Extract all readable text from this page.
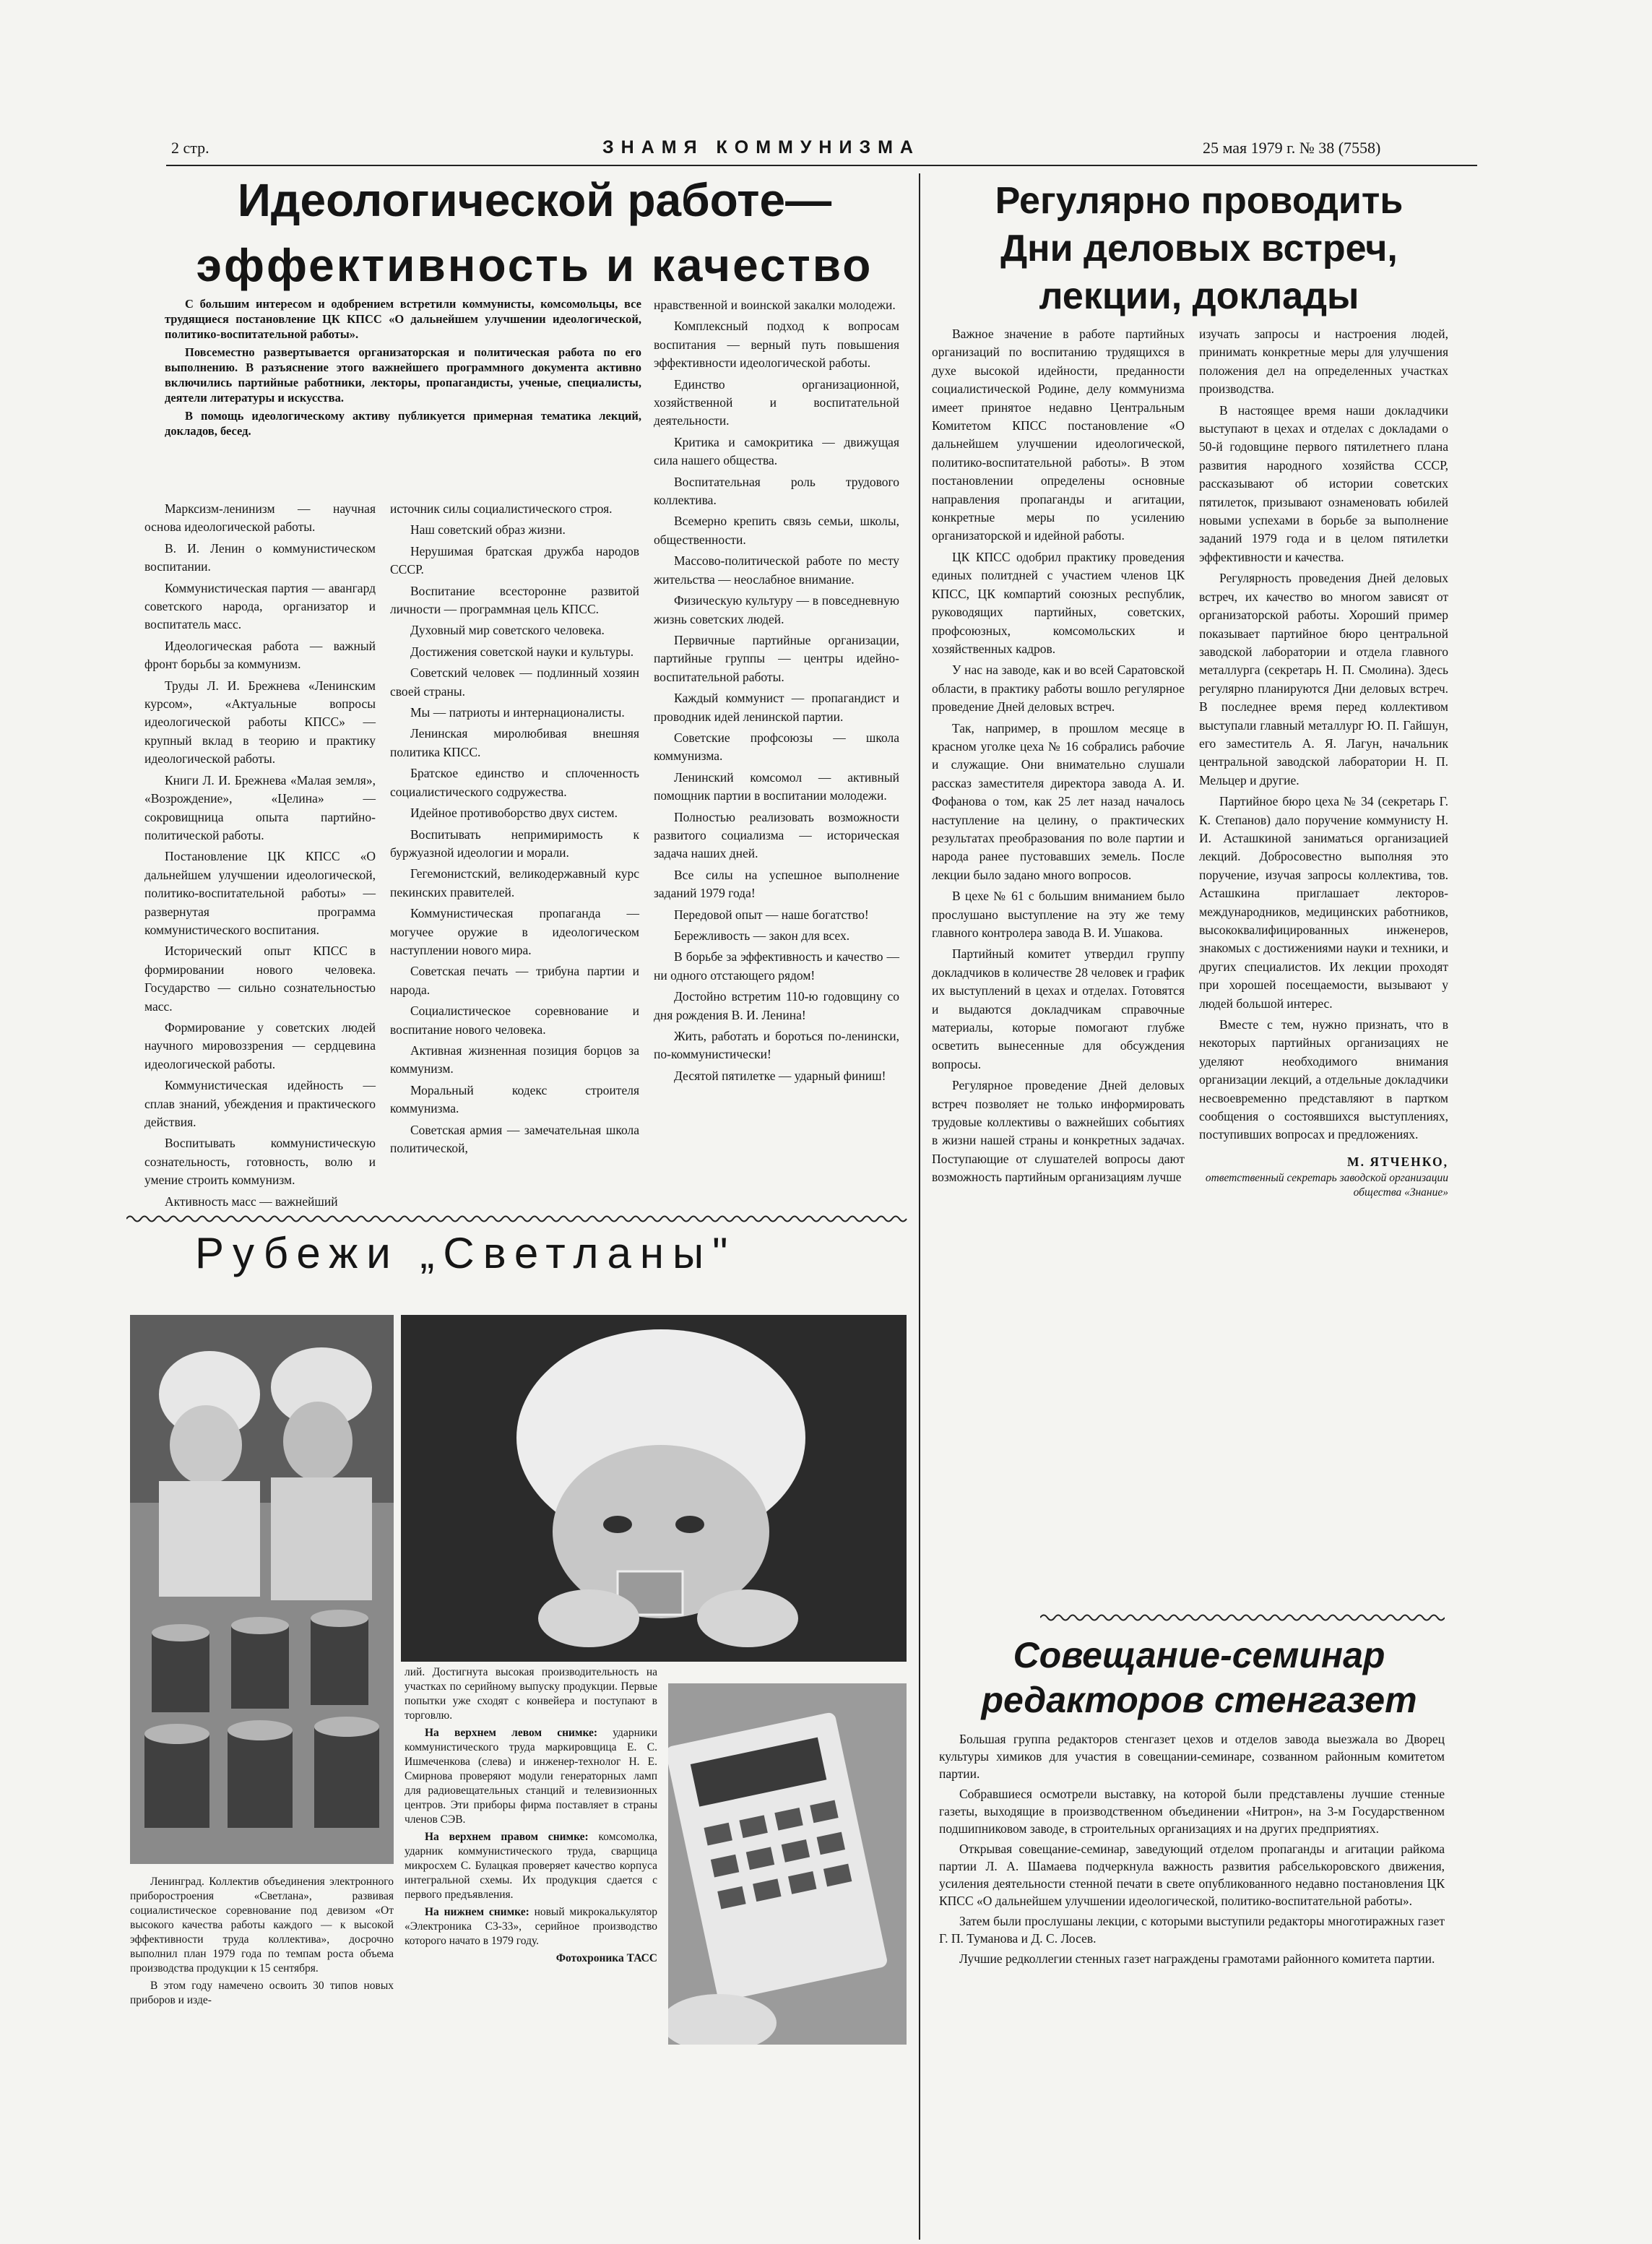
2 стр.	ЗНАМЯ КОММУНИЗМА	25 мая 1979 г. № 38 (7558)
Идеологической работе—
эффективность и качество

С большим интересом и одобрением встретили коммунисты, комсомольцы, все трудящиеся постановление ЦК КПСС «О дальнейшем улучшении идеологической, политико-воспитательной работы».

Повсеместно развертывается организаторская и политическая работа по его выполнению. В разъяснение этого важнейшего программного документа активно включились партийные работники, лекторы, пропагандисты, ученые, специалисты, деятели литературы и искусства.

В помощь идеологическому активу публикуется примерная тематика лекций, докладов, бесед.

Марксизм-ленинизм — научная основа идеологической работы.

В. И. Ленин о коммунистическом воспитании.

Коммунистическая партия — авангард советского народа, организатор и воспитатель масс.

Идеологическая работа — важный фронт борьбы за коммунизм.

Труды Л. И. Брежнева «Ленинским курсом», «Актуальные вопросы идеологической работы КПСС» — крупный вклад в теорию и практику идеологической работы.

Книги Л. И. Брежнева «Малая земля», «Возрождение», «Целина» — сокровищница опыта партийно-политической работы.

Постановление ЦК КПСС «О дальнейшем улучшении идеологической, политико-воспитательной работы» — развернутая программа коммунистического воспитания.

Исторический опыт КПСС в формировании нового человека. Государство — сильно сознательностью масс.

Формирование у советских людей научного мировоззрения — сердцевина идеологической работы.

Коммунистическая идейность — сплав знаний, убеждения и практического действия.

Воспитывать коммунистическую сознательность, готовность, волю и умение строить коммунизм.

Активность масс — важнейший

источник силы социалистического строя.

Наш советский образ жизни.

Нерушимая братская дружба народов СССР.

Воспитание всесторонне развитой личности — программная цель КПСС.

Духовный мир советского человека.

Достижения советской науки и культуры.

Советский человек — подлинный хозяин своей страны.

Мы — патриоты и интернационалисты.

Ленинская миролюбивая внешняя политика КПСС.

Братское единство и сплоченность социалистического содружества.

Идейное противоборство двух систем.

Воспитывать непримиримость к буржуазной идеологии и морали.

Гегемонистский, великодержавный курс пекинских правителей.

Коммунистическая пропаганда — могучее оружие в идеологическом наступлении нового мира.

Советская печать — трибуна партии и народа.

Социалистическое соревнование и воспитание нового человека.

Активная жизненная позиция борцов за коммунизм.

Моральный кодекс строителя коммунизма.

Советская армия — замечательная школа политической,

нравственной и воинской закалки молодежи.

Комплексный подход к вопросам воспитания — верный путь повышения эффективности идеологической работы.

Единство организационной, хозяйственной и воспитательной деятельности.

Критика и самокритика — движущая сила нашего общества.

Воспитательная роль трудового коллектива.

Всемерно крепить связь семьи, школы, общественности.

Массово-политической работе по месту жительства — неослабное внимание.

Физическую культуру — в повседневную жизнь советских людей.

Первичные партийные организации, партийные группы — центры идейно-воспитательной работы.

Каждый коммунист — пропагандист и проводник идей ленинской партии.

Советские профсоюзы — школа коммунизма.

Ленинский комсомол — активный помощник партии в воспитании молодежи.

Полностью реализовать возможности развитого социализма — историческая задача наших дней.

Все силы на успешное выполнение заданий 1979 года!

Передовой опыт — наше богатство!

Бережливость — закон для всех.

В борьбе за эффективность и качество — ни одного отстающего рядом!

Достойно встретим 110-ю годовщину со дня рождения В. И. Ленина!

Жить, работать и бороться по-ленински, по-коммунистически!

Десятой пятилетке — ударный финиш!

Рубежи „Светланы"

Ленинград. Коллектив объединения электронного приборостроения «Светлана», развивая социалистическое соревнование под девизом «От высокого качества работы каждого — к высокой эффективности труда коллектива», досрочно выполнил план 1979 года по темпам роста объема производства продукции к 15 сентября.

В этом году намечено освоить 30 типов новых приборов и изде-

лий. Достигнута высокая производительность на участках по серийному выпуску продукции. Первые попытки уже сходят с конвейера и поступают в торговлю.

На верхнем левом снимке: ударники коммунистического труда маркировщица Е. С. Ишмеченкова (слева) и инженер-технолог Н. Е. Смирнова проверяют модули генераторных ламп для радиовещательных станций и телевизионных центров. Эти приборы фирма поставляет в страны членов СЭВ.

На верхнем правом снимке: комсомолка, ударник коммунистического труда, сварщица микросхем С. Булацкая проверяет качество корпуса интегральной схемы. Их продукция сдается с первого предъявления.

На нижнем снимке: новый микрокалькулятор «Электроника С3-33», серийное производство которого начато в 1979 году.

Фотохроника ТАСС
Регулярно проводить
Дни деловых встреч,
лекции, доклады

Важное значение в работе партийных организаций по воспитанию трудящихся в духе высокой идейности, преданности социалистической Родине, делу коммунизма имеет принятое недавно Центральным Комитетом КПСС постановление «О дальнейшем улучшении идеологической, политико-воспитательной работы». В этом постановлении определены основные направления пропаганды и агитации, конкретные меры по усилению организаторской и идейной работы.

ЦК КПСС одобрил практику проведения единых политдней с участием членов ЦК КПСС, ЦК компартий союзных республик, руководящих партийных, советских, профсоюзных, комсомольских и хозяйственных кадров.

У нас на заводе, как и во всей Саратовской области, в практику работы вошло регулярное проведение Дней деловых встреч.

Так, например, в прошлом месяце в красном уголке цеха № 16 собрались рабочие и служащие. Они внимательно слушали рассказ заместителя директора завода А. И. Фофанова о том, как 25 лет назад началось наступление на целину, о практических результатах преобразования по воле партии и народа ранее пустовавших земель. После лекции было задано много вопросов.

В цехе № 61 с большим вниманием было прослушано выступление на эту же тему главного контролера завода В. И. Ушакова.

Партийный комитет утвердил группу докладчиков в количестве 28 человек и график их выступлений в цехах и отделах. Готовятся и выдаются докладчикам справочные материалы, которые помогают глубже осветить вынесенные для обсуждения вопросы.

Регулярное проведение Дней деловых встреч позволяет не только информировать трудовые коллективы о важнейших событиях в жизни нашей страны и конкретных задачах. Поступающие от слушателей вопросы дают возможность партийным организациям лучше

изучать запросы и настроения людей, принимать конкретные меры для улучшения положения дел на определенных участках производства.

В настоящее время наши докладчики выступают в цехах и отделах с докладами о 50-й годовщине первого пятилетнего плана развития народного хозяйства СССР, рассказывают об истории советских пятилеток, призывают ознаменовать юбилей новыми успехами в борьбе за выполнение заданий 1979 года и в целом пятилетки эффективности и качества.

Регулярность проведения Дней деловых встреч, их качество во многом зависят от организаторской работы. Хороший пример показывает партийное бюро центральной заводской лаборатории и отдела главного металлурга (секретарь Н. П. Смолина). Здесь регулярно планируются Дни деловых встреч. В последнее время перед коллективом выступали главный металлург Ю. П. Гайшун, его заместитель А. Я. Лагун, начальник центральной заводской лаборатории Н. П. Мельцер и другие.

Партийное бюро цеха № 34 (секретарь Г. К. Степанов) дало поручение коммунисту Н. И. Асташкиной заниматься организацией лекций. Добросовестно выполняя это поручение, изучая запросы коллектива, тов. Асташкина приглашает лекторов-международников, медицинских работников, высококвалифицированных инженеров, знакомых с достижениями науки и техники, и других специалистов. Их лекции проходят при хорошей посещаемости, вызывают у людей большой интерес.

Вместе с тем, нужно признать, что в некоторых партийных организациях не уделяют необходимого внимания организации лекций, а отдельные докладчики несвоевременно представляют в партком сообщения о состоявшихся выступлениях, поступивших вопросах и предложениях.

М. ЯТЧЕНКО,
ответственный секретарь заводской организации общества «Знание»
Совещание-семинар
редакторов стенгазет

Большая группа редакторов стенгазет цехов и отделов завода выезжала во Дворец культуры химиков для участия в совещании-семинаре, созванном районным комитетом партии.

Собравшиеся осмотрели выставку, на которой были представлены лучшие стенные газеты, выходящие в производственном объединении «Нитрон», на 3-м Государственном подшипниковом заводе, в строительных организациях и на других предприятиях.

Открывая совещание-семинар, заведующий отделом пропаганды и агитации райкома партии Л. А. Шамаева подчеркнула важность развития рабселькоровского движения, усиления деятельности стенной печати в свете опубликованного недавно постановления ЦК КПСС «О дальнейшем улучшении идеологической, политико-воспитательной работы».

Затем были прослушаны лекции, с которыми выступили редакторы многотиражных газет Г. П. Туманова и Д. С. Лосев.

Лучшие редколлегии стенных газет награждены грамотами районного комитета партии.
